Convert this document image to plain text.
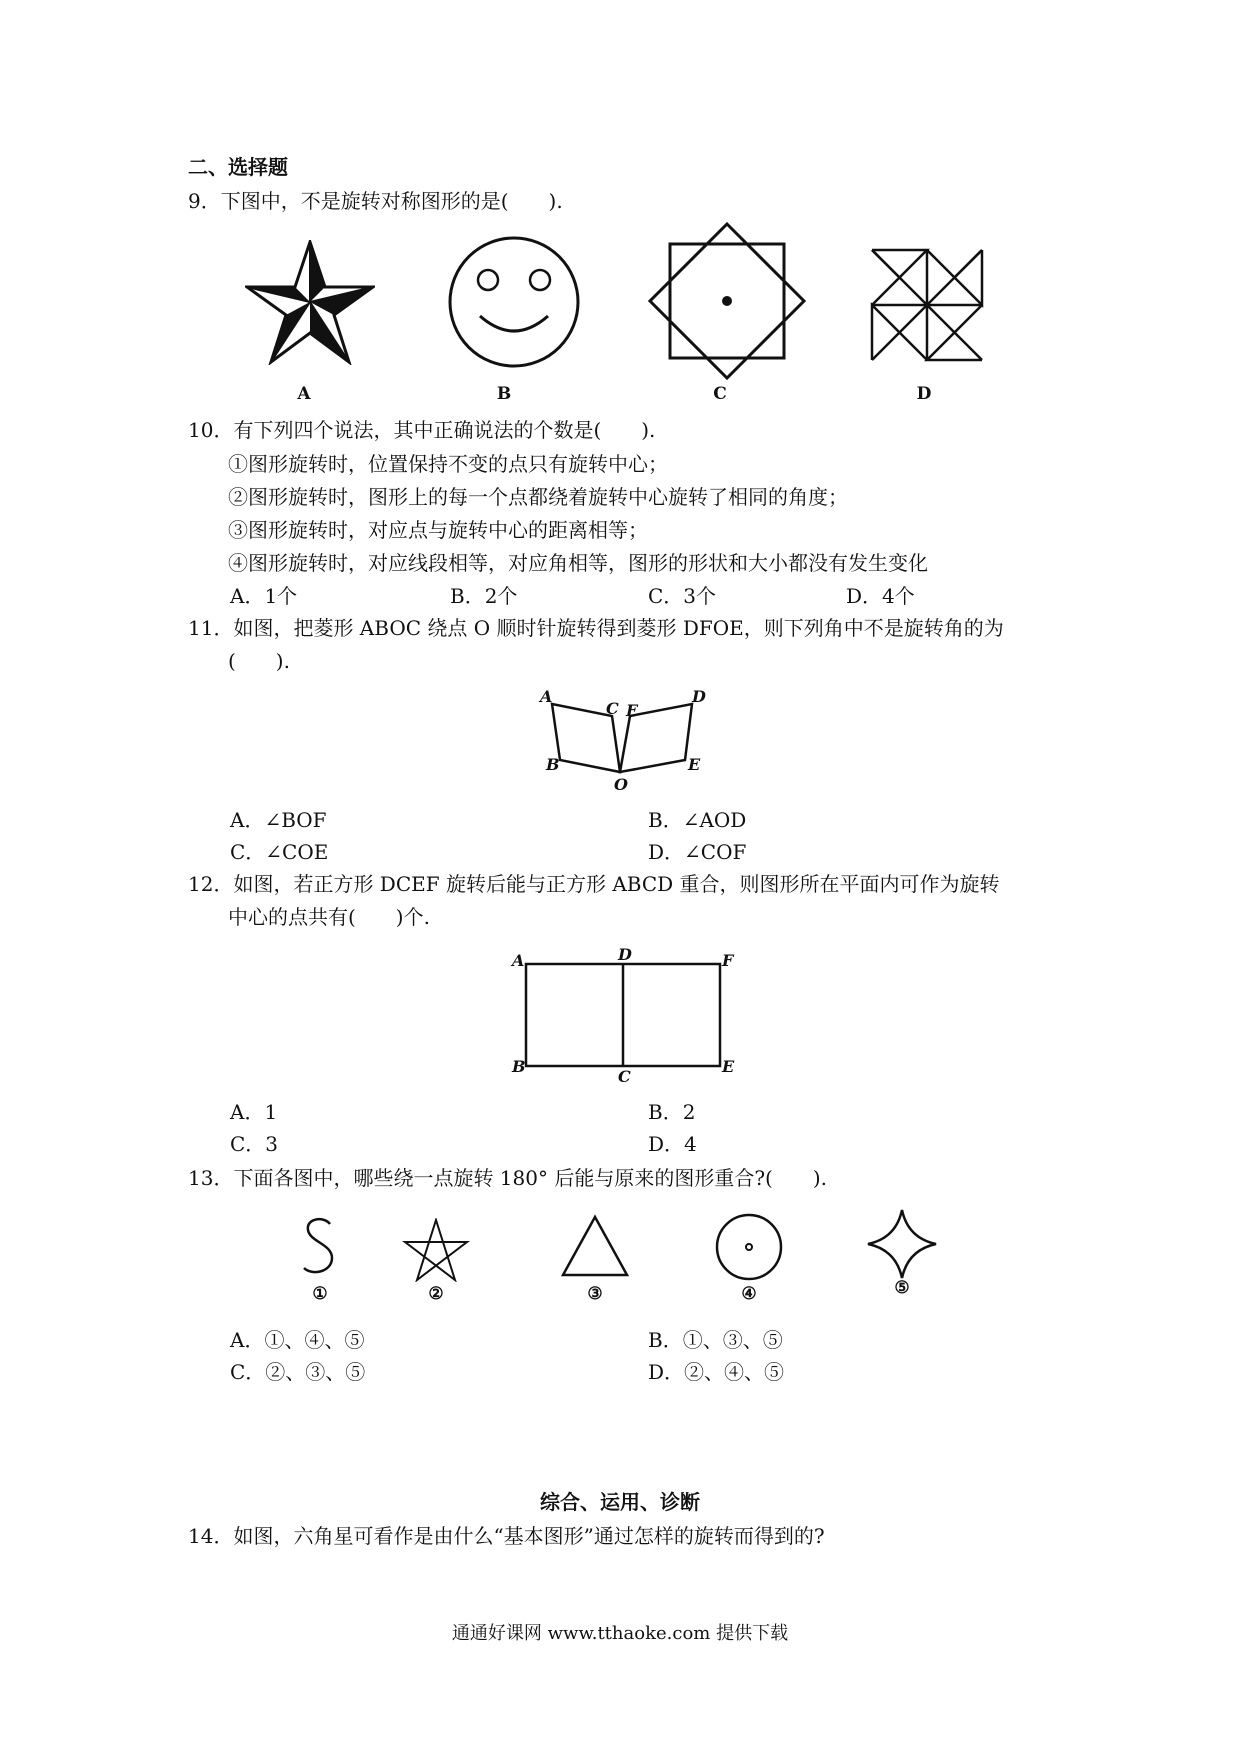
二、选择题
9．下图中，不是旋转对称图形的是(　　).
A	B	C	D
10．有下列四个说法，其中正确说法的个数是(　　).
①图形旋转时，位置保持不变的点只有旋转中心；
②图形旋转时，图形上的每一个点都绕着旋转中心旋转了相同的角度；
③图形旋转时，对应点与旋转中心的距离相等；
④图形旋转时，对应线段相等，对应角相等，图形的形状和大小都没有发生变化
A．1个	B．2个	C．3个	D．4个
11．如图，把菱形 ABOC 绕点 O 顺时针旋转得到菱形 DFOE，则下列角中不是旋转角的为
(　　).
A
C F
D
B	E
O
A．∠BOF	B．∠AOD
C．∠COE	D．∠COF
12．如图，若正方形 DCEF 旋转后能与正方形 ABCD 重合，则图形所在平面内可作为旋转
中心的点共有(　　)个.
A	D	F
B
C
E
A．1	B．2
C．3	D．4
13．下面各图中，哪些绕一点旋转 180° 后能与原来的图形重合?(　　).
①	②	③	④	⑤
A．①、④、⑤	B．①、③、⑤
C．②、③、⑤	D．②、④、⑤
综合、运用、诊断
14．如图，六角星可看作是由什么“基本图形”通过怎样的旋转而得到的?
通通好课网 www.tthaoke.com 提供下载
